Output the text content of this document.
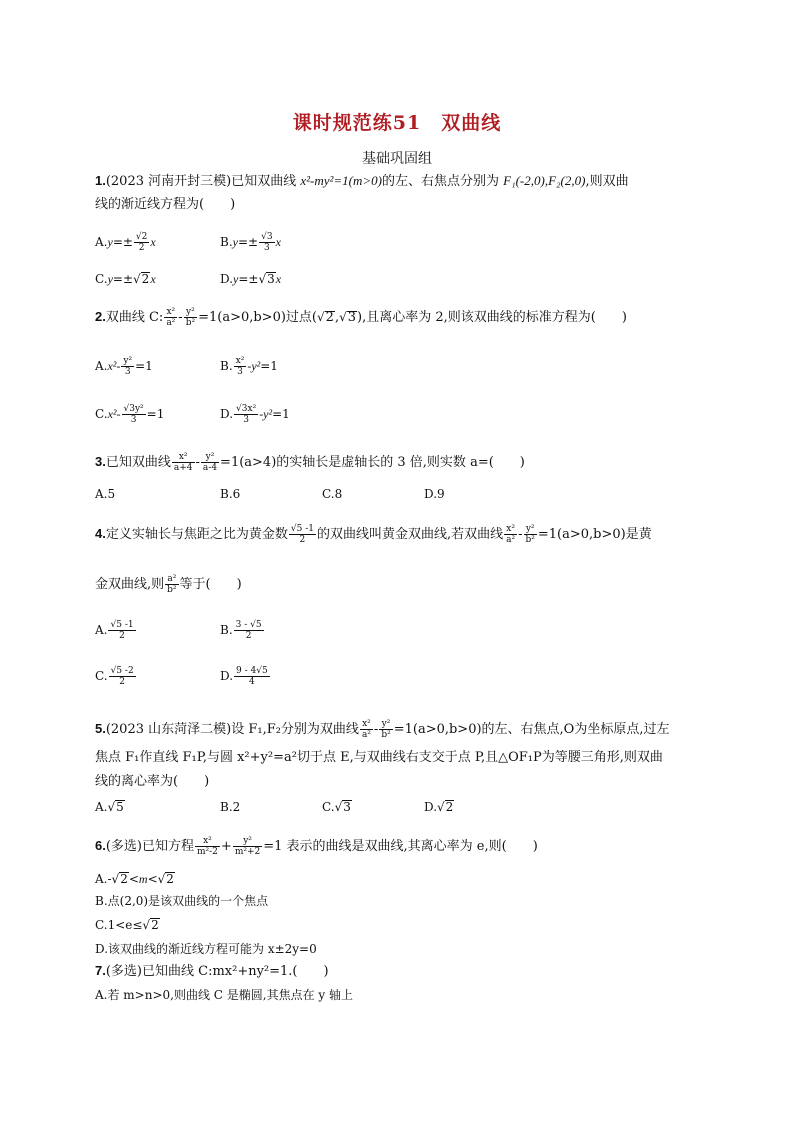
课时规范练51　双曲线
基础巩固组
1.(2023 河南开封三模)已知双曲线 x²-my²=1(m>0)的左、右焦点分别为 F₁(-2,0),F₂(2,0),则双曲
线的渐近线方程为(　　)
$A.y=\pm \frac{√2}{2}$ x	$B.y=\pm \frac{√3}{3}$ x
C.y=±√2x	D.y=±√3x
2.双曲线 C: $\frac{\text{x²}}{\text{a²}} - \frac{\text{y²}}{\text{b²}} =1(a>0,b>0)$过点(√2,√3),且离心率为 2,则该双曲线的标准方程为(　　)
$A.x^2- \frac{\text{y²}}{3} =1$	B. $\frac{\text{x²}}{3} -y^2=1$
$C.x^2- \frac{\text{√3y²}}{3} =1$	D. $\frac{\text{√3x²}}{3} -y^2=1$
3.已知双曲线 $\frac{\text{x²}}{a+4} - \frac{\text{y²}}{a-4} =1(a>4)$的实轴长是虚轴长的 3 倍,则实数 a=(　　)
A.5	B.6	C.8	D.9
4.定义实轴长与焦距之比为黄金数 $\frac{√5 -1}{2}$ 的双曲线叫黄金双曲线,若双曲线 $\frac{\text{x²}}{\text{a²}} - \frac{\text{y²}}{\text{b²}} =1(a>0,b>0)$是黄
金双曲线,则 $\frac{\text{a²}}{\text{b²}}$ 等于(　　)
A. $\frac{√5 -1}{2}$	B. $\frac{3 - √5}{2}$
C. $\frac{√5 -2}{2}$	D. $\frac{9 - 4√5}{4}$
5.(2023 山东菏泽二模)设 F₁,F₂分别为双曲线 $\frac{\text{x²}}{\text{a²}} - \frac{\text{y²}}{\text{b²}} =1(a>0,b>0)$的左、右焦点,O为坐标原点,过左
焦点 F₁作直线 F₁P,与圆 x²+y²=a²切于点 E,与双曲线右支交于点 P,且△OF₁P为等腰三角形,则双曲
线的离心率为(　　)
A.√5	B.2	C.√3	D.√2
6.(多选)已知方程 $\frac{\text{x²}}{\text{m²-2}} + \frac{\text{y²}}{\text{m²+2}} =1$ 表示的曲线是双曲线,其离心率为 e,则(　　)
A.-√2<m<√2
B.点(2,0)是该双曲线的一个焦点
C.1<e≤√2
D.该双曲线的渐近线方程可能为 x±2y=0
7.(多选)已知曲线 C:mx²+ny²=1.(　　)
A.若 m>n>0,则曲线 C 是椭圆,其焦点在 y 轴上
